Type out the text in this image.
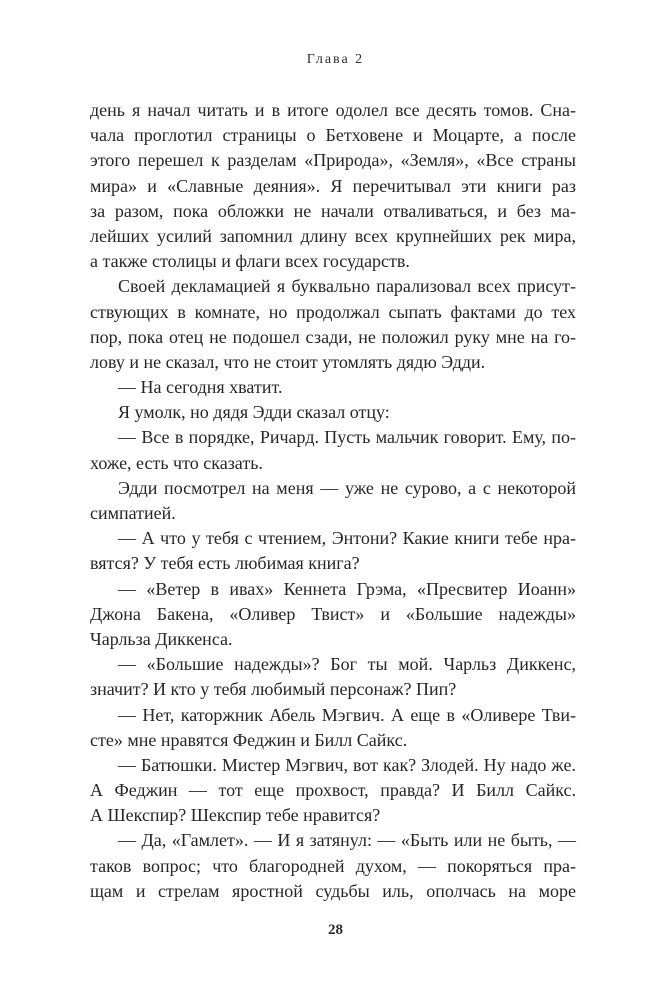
Глава 2
день я начал читать и в итоге одолел все десять томов. Сна-
чала проглотил страницы о Бетховене и Моцарте, а после
этого перешел к разделам «Природа», «Земля», «Все страны
мира» и «Славные деяния». Я перечитывал эти книги раз
за разом, пока обложки не начали отваливаться, и без ма-
лейших усилий запомнил длину всех крупнейших рек мира,
а также столицы и флаги всех государств.
Своей декламацией я буквально парализовал всех присут-
ствующих в комнате, но продолжал сыпать фактами до тех
пор, пока отец не подошел сзади, не положил руку мне на го-
лову и не сказал, что не стоит утомлять дядю Эдди.
— На сегодня хватит.
Я умолк, но дядя Эдди сказал отцу:
— Все в порядке, Ричард. Пусть мальчик говорит. Ему, по-
хоже, есть что сказать.
Эдди посмотрел на меня — уже не сурово, а с некоторой
симпатией.
— А что у тебя с чтением, Энтони? Какие книги тебе нра-
вятся? У тебя есть любимая книга?
— «Ветер в ивах» Кеннета Грэма, «Пресвитер Иоанн»
Джона Бакена, «Оливер Твист» и «Большие надежды»
Чарльза Диккенса.
— «Большие надежды»? Бог ты мой. Чарльз Диккенс,
значит? И кто у тебя любимый персонаж? Пип?
— Нет, каторжник Абель Мэгвич. А еще в «Оливере Тви-
сте» мне нравятся Феджин и Билл Сайкс.
— Батюшки. Мистер Мэгвич, вот как? Злодей. Ну надо же.
А Феджин — тот еще прохвост, правда? И Билл Сайкс.
А Шекспир? Шекспир тебе нравится?
— Да, «Гамлет». — И я затянул: — «Быть или не быть, —
таков вопрос; что благородней духом, — покоряться пра-
щам и стрелам яростной судьбы иль, ополчась на море
28
